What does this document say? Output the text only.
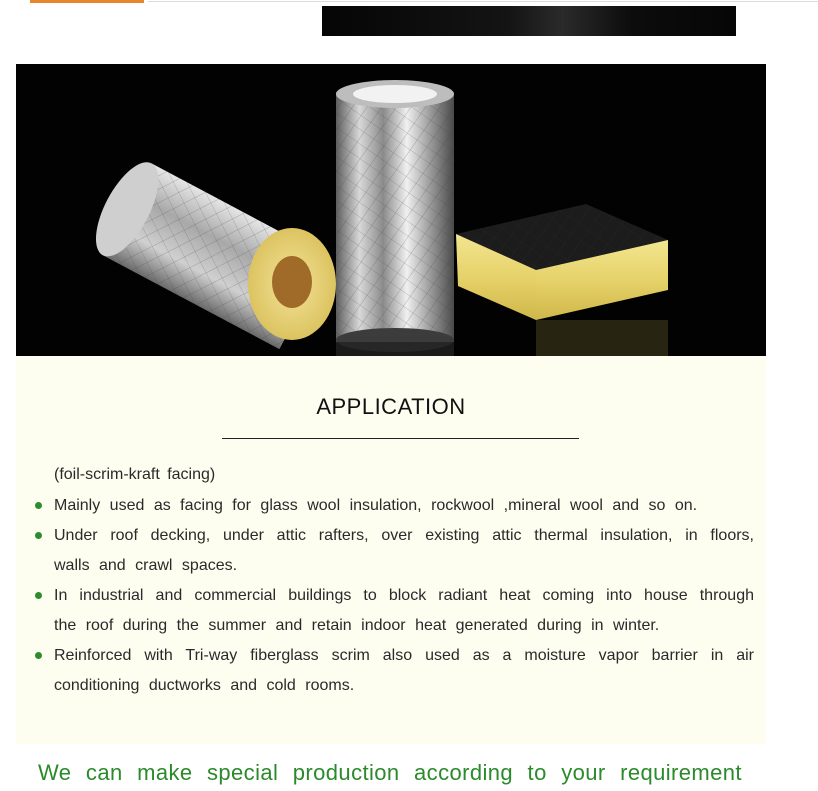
APPLICATION
(foil-scrim-kraft facing)
Mainly used as facing for glass wool insulation, rockwool ,mineral wool and so on.
Under roof decking, under attic rafters, over existing attic thermal insulation, in floors, walls and crawl spaces.
In industrial and commercial buildings to block radiant heat coming into house through the roof during the summer and retain indoor heat generated during in winter.
Reinforced with Tri-way fiberglass scrim also used as a moisture vapor barrier in air conditioning ductworks and cold rooms.
We can make special production according to your requirement
